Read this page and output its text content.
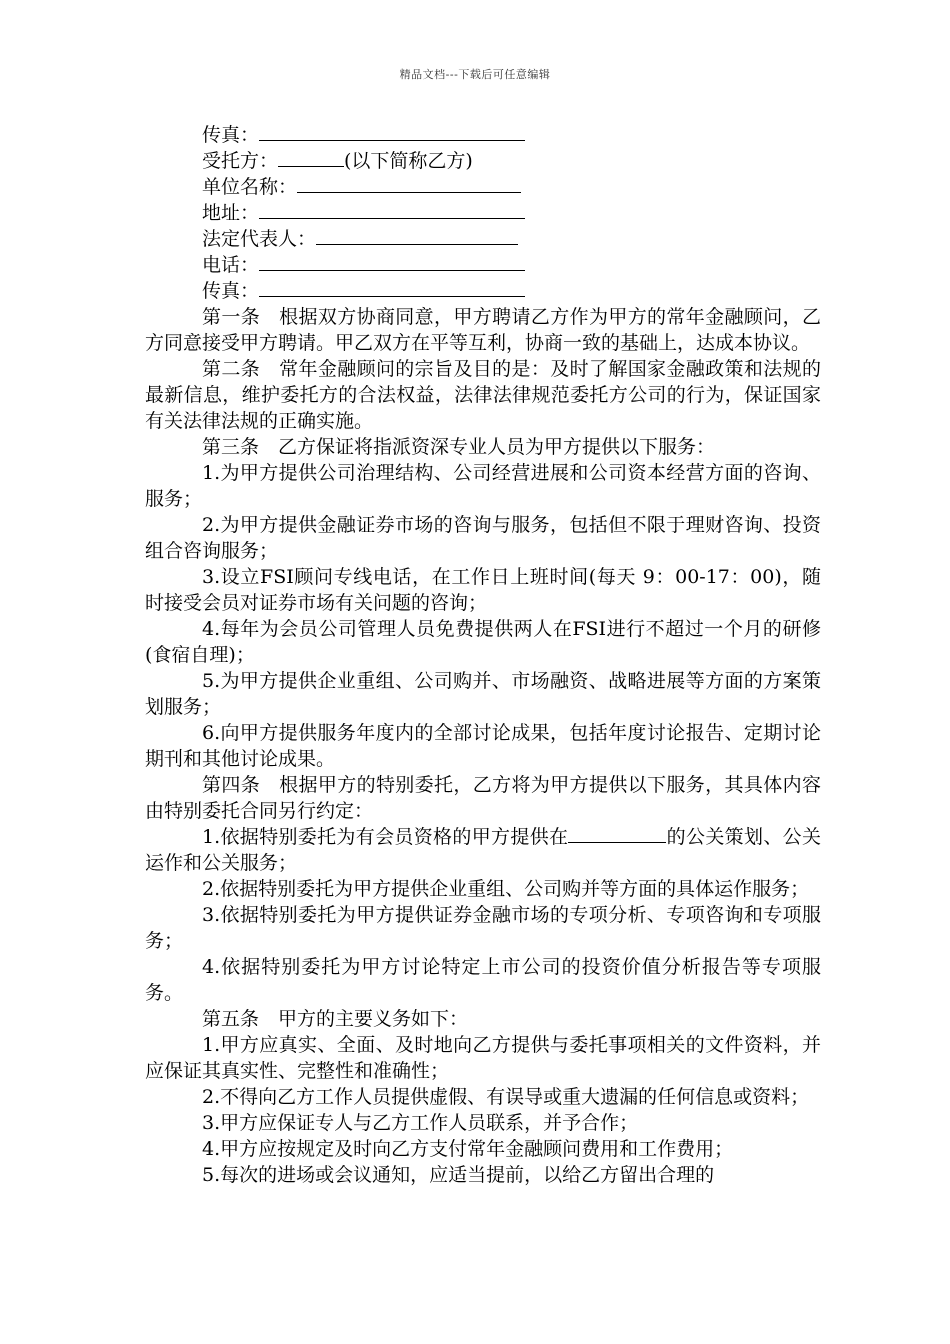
精品文档---下载后可任意编辑
传真：
受托方：	(以下简称乙方)
单位名称：
地址：
法定代表人：
电话：
传真：

第一条 根据双方协商同意，甲方聘请乙方作为甲方的常年金融顾问，乙方同意接受甲方聘请。甲乙双方在平等互利，协商一致的基础上，达成本协议。

第二条 常年金融顾问的宗旨及目的是：及时了解国家金融政策和法规的最新信息，维护委托方的合法权益，法律法律规范委托方公司的行为，保证国家有关法律法规的正确实施。

第三条 乙方保证将指派资深专业人员为甲方提供以下服务：

1.为甲方提供公司治理结构、公司经营进展和公司资本经营方面的咨询、服务；

2.为甲方提供金融证券市场的咨询与服务，包括但不限于理财咨询、投资组合咨询服务；

3.设立FSI顾问专线电话，在工作日上班时间(每天 9：00-17：00)，随时接受会员对证券市场有关问题的咨询；

4.每年为会员公司管理人员免费提供两人在FSI进行不超过一个月的研修(食宿自理)；

5.为甲方提供企业重组、公司购并、市场融资、战略进展等方面的方案策划服务；

6.向甲方提供服务年度内的全部讨论成果，包括年度讨论报告、定期讨论期刊和其他讨论成果。

第四条 根据甲方的特别委托，乙方将为甲方提供以下服务，其具体内容由特别委托合同另行约定：

1.依据特别委托为有会员资格的甲方提供在	的公关策划、公关运作和公关服务；

2.依据特别委托为甲方提供企业重组、公司购并等方面的具体运作服务；

3.依据特别委托为甲方提供证券金融市场的专项分析、专项咨询和专项服务；

4.依据特别委托为甲方讨论特定上市公司的投资价值分析报告等专项服务。

第五条 甲方的主要义务如下：

1.甲方应真实、全面、及时地向乙方提供与委托事项相关的文件资料，并应保证其真实性、完整性和准确性；

2.不得向乙方工作人员提供虚假、有误导或重大遗漏的任何信息或资料；

3.甲方应保证专人与乙方工作人员联系，并予合作；

4.甲方应按规定及时向乙方支付常年金融顾问费用和工作费用；

5.每次的进场或会议通知，应适当提前，以给乙方留出合理的
